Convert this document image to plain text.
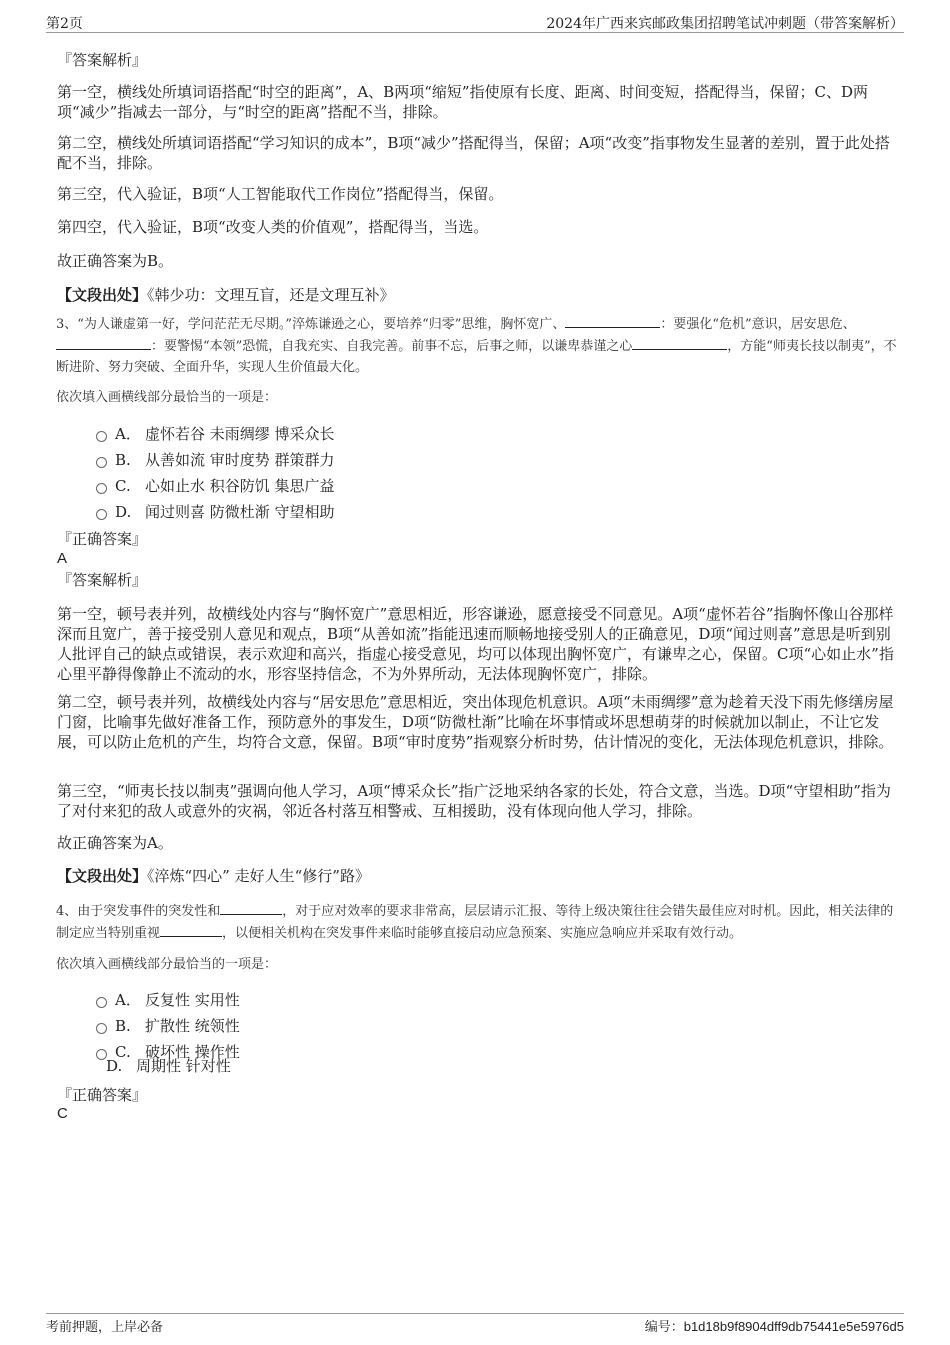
第2页	2024年广西来宾邮政集团招聘笔试冲刺题（带答案解析）
『答案解析』
第一空，横线处所填词语搭配“时空的距离”，A、B两项“缩短”指使原有长度、距离、时间变短，搭配得当，保留；C、D两项“减少”指减去一部分，与“时空的距离”搭配不当，排除。
第二空，横线处所填词语搭配“学习知识的成本”，B项“减少”搭配得当，保留；A项“改变”指事物发生显著的差别，置于此处搭配不当，排除。
第三空，代入验证，B项“人工智能取代工作岗位”搭配得当，保留。
第四空，代入验证，B项“改变人类的价值观”，搭配得当，当选。
故正确答案为B。
【文段出处】《韩少功：文理互盲，还是文理互补》
3、“为人谦虚第一好，学问茫茫无尽期。”淬炼谦逊之心，要培养“归零”思维，胸怀宽广、	：要强化“危机”意识，居安思危、：要警惕“本领”恐慌，自我充实、自我完善。前事不忘，后事之师，以谦卑恭谨之心	，方能“师夷长技以制夷”，不断进阶、努力突破、全面升华，实现人生价值最大化。
依次填入画横线部分最恰当的一项是：
A． 虚怀若谷 未雨绸缪 博采众长
B. 从善如流 审时度势 群策群力
C. 心如止水 积谷防饥 集思广益
D. 闻过则喜 防微杜渐 守望相助
『正确答案』
A
『答案解析』
第一空，顿号表并列，故横线处内容与“胸怀宽广”意思相近，形容谦逊，愿意接受不同意见。A项“虚怀若谷”指胸怀像山谷那样深而且宽广，善于接受别人意见和观点，B项“从善如流”指能迅速而顺畅地接受别人的正确意见，D项“闻过则喜”意思是听到别人批评自己的缺点或错误，表示欢迎和高兴，指虚心接受意见，均可以体现出胸怀宽广，有谦卑之心，保留。C项“心如止水”指心里平静得像静止不流动的水，形容坚持信念，不为外界所动，无法体现胸怀宽广，排除。
第二空，顿号表并列，故横线处内容与“居安思危”意思相近，突出体现危机意识。A项“未雨绸缪”意为趁着天没下雨先修缮房屋门窗，比喻事先做好准备工作，预防意外的事发生，D项“防微杜渐”比喻在坏事情或坏思想萌芽的时候就加以制止，不让它发展，可以防止危机的产生，均符合文意，保留。B项“审时度势”指观察分析时势，估计情况的变化，无法体现危机意识，排除。
第三空，“师夷长技以制夷”强调向他人学习，A项“博采众长”指广泛地采纳各家的长处，符合文意，当选。D项“守望相助”指为了对付来犯的敌人或意外的灾祸，邻近各村落互相警戒、互相援助，没有体现向他人学习，排除。
故正确答案为A。
【文段出处】《淬炼“四心” 走好人生“修行”路》
4、由于突发事件的突发性和	，对于应对效率的要求非常高，层层请示汇报、等待上级决策往往会错失最佳应对时机。因此，相关法律的制定应当特别重视	，以便相关机构在突发事件来临时能够直接启动应急预案、实施应急响应并采取有效行动。
依次填入画横线部分最恰当的一项是：
A． 反复性 实用性
B. 扩散性 统领性
C. 破坏性 操作性
D. 周期性 针对性
『正确答案』
C
考前押题，上岸必备	编号：b1d18b9f8904dff9db75441e5e5976d5
